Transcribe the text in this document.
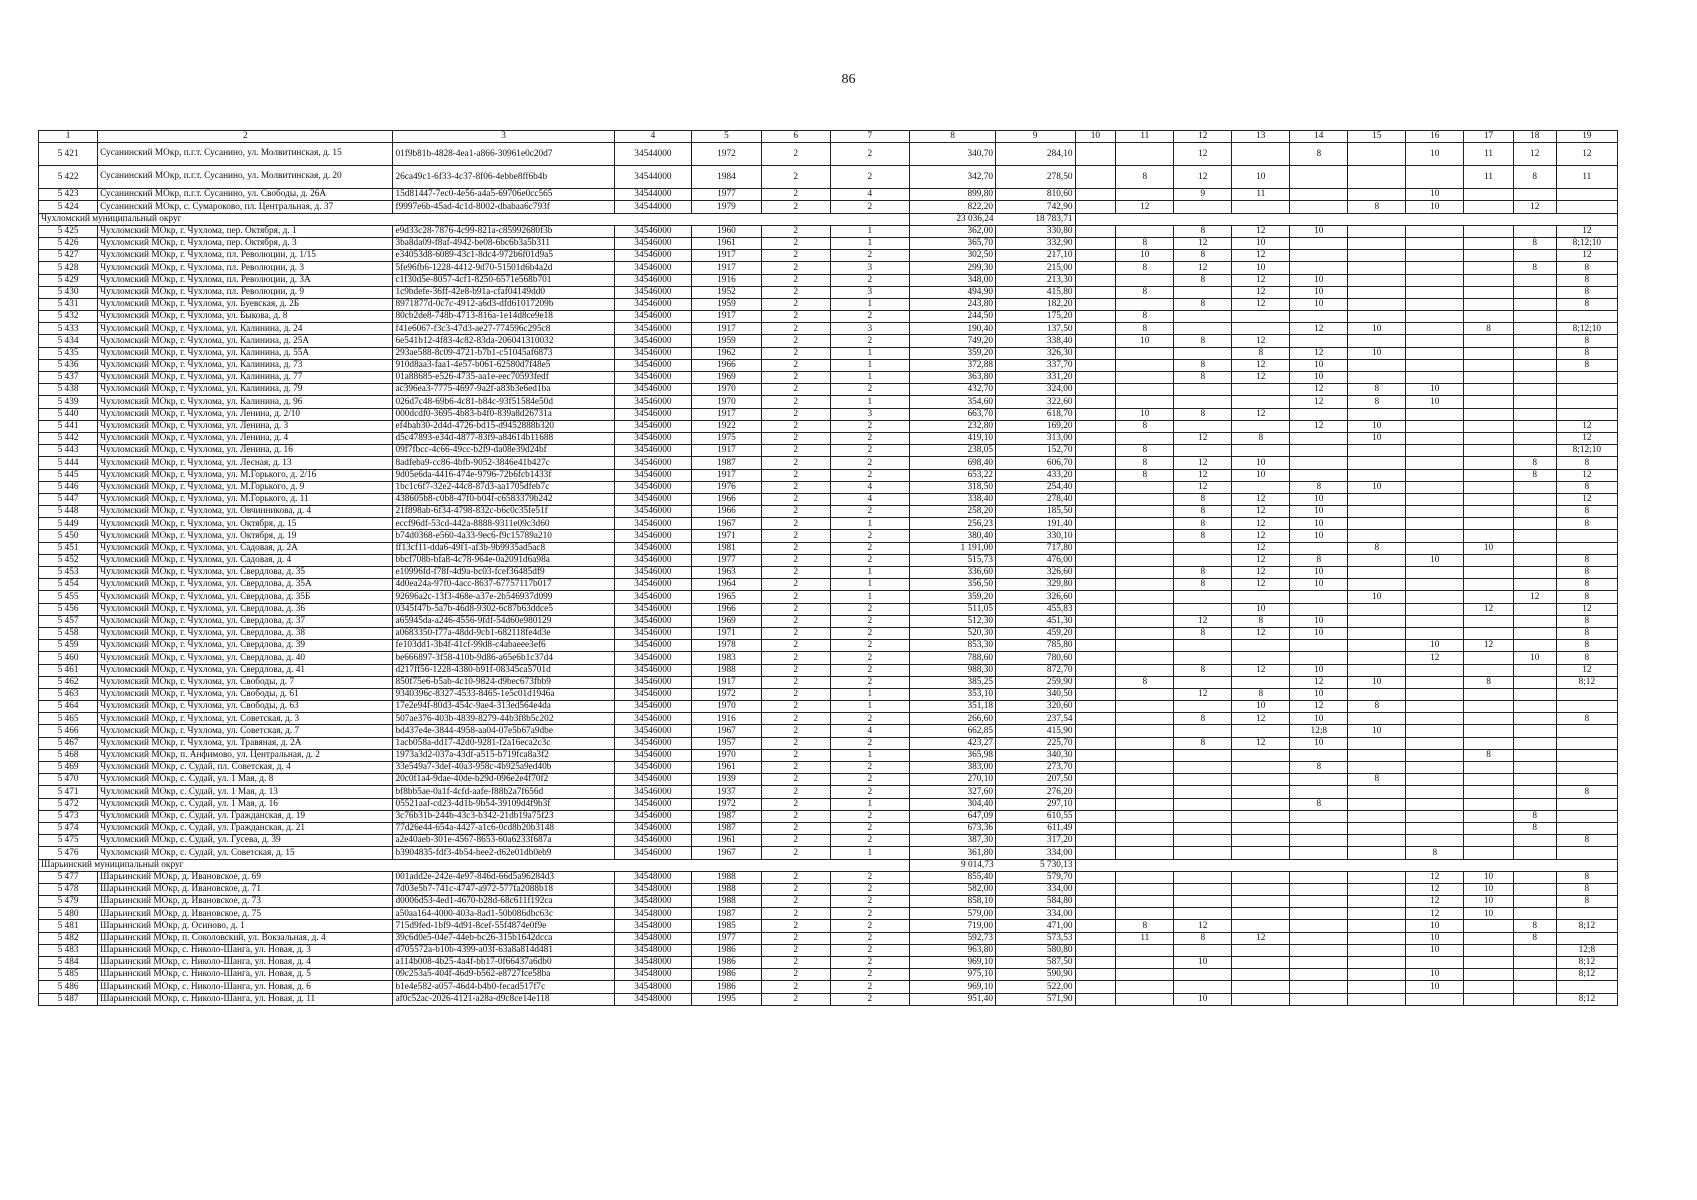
86
1	2	3	4	5	6	7	8	9	10	11	12	13	14	15	16	17	18	19
5 421	Сусанинский МОкр, п.г.т. Сусанино, ул. Молвитинская, д. 15	01f9b81b-4828-4ea1-a866-30961e0c20d7	34544000	1972	2	2	340,70	284,10			12		8		10	11	12	12
5 422	Сусанинский МОкр, п.г.т. Сусанино, ул. Молвитинская, д. 20	26ca49c1-6f33-4c37-8f06-4ebbe8ff6b4b	34544000	1984	2	2	342,70	278,50		8	12	10				11	8	11
5 423	Сусанинский МОкр, п.г.т. Сусанино, ул. Свободы, д. 26А	15d81447-7ec0-4e56-a4a5-69706e0cc565	34544000	1977	2	4	899,80	810,60			9	11			10			
5 424	Сусанинский МОкр, с. Сумароково, пл. Центральная, д. 37	f9997e6b-45ad-4c1d-8002-dbabaa6c793f	34544000	1979	2	2	822,20	742,90		12				8	10		12	
Чухломский муниципальный округ							23 036,24	18 783,71										
5 425	Чухломский МОкр, г. Чухлома, пер. Октября, д. 1	e9d33c28-7876-4c99-821a-c85992680f3b	34546000	1960	2	1	362,00	330,80			8	12	10					12
5 426	Чухломский МОкр, г. Чухлома, пер. Октября, д. 3	3ba8da09-f8af-4942-be08-6bc6b3a5b311	34546000	1961	2	1	365,70	332,90		8	12	10					8	8;12;10
5 427	Чухломский МОкр, г. Чухлома, пл. Революции, д. 1/15	e34053d8-6089-43c1-8dc4-972b6f01d9a5	34546000	1917	2	2	302,50	217,10		10	8	12						12
5 428	Чухломский МОкр, г. Чухлома, пл. Революции, д. 3	5fe96fb6-1228-4412-9d70-51501d6b4a2d	34546000	1917	2	3	299,30	215,00		8	12	10					8	8
5 429	Чухломский МОкр, г. Чухлома, пл. Революции, д. 3А	c1f30d5e-8057-4cf1-8250-6571e568b701	34546000	1916	2	2	348,00	213,30			8	12	10					8
5 430	Чухломский МОкр, г. Чухлома, пл. Революции, д. 9	1c9bdefe-36ff-42e8-b91a-cfaf04149dd0	34546000	1952	2	3	494,90	415,80		8		12	10					8
5 431	Чухломский МОкр, г. Чухлома, ул. Буевская, д. 2Б	8971877d-0c7c-4912-a6d3-dfd61017209b	34546000	1959	2	1	243,80	182,20			8	12	10					8
5 432	Чухломский МОкр, г. Чухлома, ул. Быкова, д. 8	80cb2de8-748b-4713-816a-1e14d8ce9e18	34546000	1917	2	2	244,50	175,20		8								
5 433	Чухломский МОкр, г. Чухлома, ул. Калинина, д. 24	f41e6067-f3c3-47d3-ae27-774596c295c8	34546000	1917	2	3	190,40	137,50		8			12	10		8		8;12;10
5 434	Чухломский МОкр, г. Чухлома, ул. Калинина, д. 25А	6e541b12-4f83-4c82-83da-206041310032	34546000	1959	2	2	749,20	338,40		10	8	12						8
5 435	Чухломский МОкр, г. Чухлома, ул. Калинина, д. 55А	293ae588-8c09-4721-b7b1-c51045af6873	34546000	1962	2	1	359,20	326,30				8	12	10				8
5 436	Чухломский МОкр, г. Чухлома, ул. Калинина, д. 73	910d8aa3-faa1-4e57-b061-62580d7f48e5	34546000	1966	2	1	372,88	337,70			8	12	10					8
5 437	Чухломский МОкр, г. Чухлома, ул. Калинина, д. 77	01a88685-e526-4735-aa1e-eec70593fedf	34546000	1969	2	1	363,80	331,20			8	12	10					
5 438	Чухломский МОкр, г. Чухлома, ул. Калинина, д. 79	ac396ea3-7775-4697-9a2f-a83b3e6ed1ba	34546000	1970	2	2	432,70	324,00					12	8	10			
5 439	Чухломский МОкр, г. Чухлома, ул. Калинина, д. 96	026d7c48-69b6-4c81-b84c-93f51584e50d	34546000	1970	2	1	354,60	322,60					12	8	10			
5 440	Чухломский МОкр, г. Чухлома, ул. Ленина, д. 2/10	000dcdf0-3695-4b83-b4f0-839a8d26731a	34546000	1917	2	3	663,70	618,70		10	8	12						
5 441	Чухломский МОкр, г. Чухлома, ул. Ленина, д. 3	ef4bab30-2d4d-4726-bd15-d9452888b320	34546000	1922	2	2	232,80	169,20		8			12	10				12
5 442	Чухломский МОкр, г. Чухлома, ул. Ленина, д. 4	d5c47893-e34d-4877-83f9-a84614b11688	34546000	1975	2	2	419,10	313,00			12	8		10				12
5 443	Чухломский МОкр, г. Чухлома, ул. Ленина, д. 16	09f7fbcc-4c66-49cc-b2f9-da08e39d24bf	34546000	1917	2	2	238,05	152,70		8								8;12;10
5 444	Чухломский МОкр, г. Чухлома, ул. Лесная, д. 13	8adfeba9-cc86-4bfb-9052-3846e41b427c	34546000	1987	2	2	698,40	606,70		8	12	10					8	8
5 445	Чухломский МОкр, г. Чухлома, ул. М.Горького, д. 2/16	9d05e6da-4416-474e-9796-72b6fcb1433f	34546000	1917	2	2	653,22	433,20		8	12	10					8	12
5 446	Чухломский МОкр, г. Чухлома, ул. М.Горького, д. 9	1bc1c6f7-32e2-44c8-87d3-aa1705dfeb7c	34546000	1976	2	4	318,50	254,40			12		8	10				8
5 447	Чухломский МОкр, г. Чухлома, ул. М.Горького, д. 11	438605b8-c0b8-47f0-b04f-c6583379b242	34546000	1966	2	4	338,40	278,40			8	12	10					12
5 448	Чухломский МОкр, г. Чухлома, ул. Овчинникова, д. 4	21f898ab-6f34-4798-832c-b6c0c35fe51f	34546000	1966	2	2	258,20	185,50			8	12	10					8
5 449	Чухломский МОкр, г. Чухлома, ул. Октября, д. 15	eccf96df-53cd-442a-8888-9311e09c3d60	34546000	1967	2	1	256,23	191,40			8	12	10					8
5 450	Чухломский МОкр, г. Чухлома, ул. Октября, д. 19	b74d0368-e560-4a33-9ec6-f9c15789a210	34546000	1971	2	2	380,40	330,10			8	12	10					
5 451	Чухломский МОкр, г. Чухлома, ул. Садовая, д. 2А	ff13cf11-dda6-49f1-af3b-9b9935ad5ac8	34546000	1981	2	2	1 191,00	717,80				12		8		10		
5 452	Чухломский МОкр, г. Чухлома, ул. Садовая, д. 4	bbcf708b-bfa8-4c78-964e-0a2091d6a98a	34546000	1977	2	2	515,73	476,00				12	8		10			8
5 453	Чухломский МОкр, г. Чухлома, ул. Свердлова, д. 35	e10996fd-f78f-4d9a-bc03-fcef36485df9	34546000	1963	2	1	336,60	326,60			8	12	10					8
5 454	Чухломский МОкр, г. Чухлома, ул. Свердлова, д. 35А	4d0ea24a-97f0-4acc-8637-67757117b017	34546000	1964	2	1	356,50	329,80			8	12	10					8
5 455	Чухломский МОкр, г. Чухлома, ул. Свердлова, д. 35Б	92696a2c-13f3-468e-a37e-2b546937d099	34546000	1965	2	1	359,20	326,60						10			12	8
5 456	Чухломский МОкр, г. Чухлома, ул. Свердлова, д. 36	0345f47b-5a7b-46d8-9302-6c87b63ddce5	34546000	1966	2	2	511,05	455,83				10				12		12
5 457	Чухломский МОкр, г. Чухлома, ул. Свердлова, д. 37	a65945da-a246-4556-9fdf-54d60e980129	34546000	1969	2	2	512,30	451,30			12	8	10					8
5 458	Чухломский МОкр, г. Чухлома, ул. Свердлова, д. 38	a0683350-f77a-48dd-9cb1-682118fe4d3e	34546000	1971	2	2	520,30	459,20			8	12	10					8
5 459	Чухломский МОкр, г. Чухлома, ул. Свердлова, д. 39	fe103dd1-3b4f-41cf-99d8-c4abaeee3ef6	34546000	1978	2	2	853,30	785,80							10	12		8
5 460	Чухломский МОкр, г. Чухлома, ул. Свердлова, д. 40	be666897-3f58-410b-9d86-a65e6b1c37d4	34546000	1983	2	2	788,60	780,60							12		10	8
5 461	Чухломский МОкр, г. Чухлома, ул. Свердлова, д. 41	d217ff56-1228-4380-b91f-08345ca5701d	34546000	1988	2	2	988,30	872,70			8	12	10					12
5 462	Чухломский МОкр, г. Чухлома, ул. Свободы, д. 7	850f75e6-b5ab-4c10-9824-d9bec673fbb9	34546000	1917	2	2	385,25	259,90		8			12	10		8		8;12
5 463	Чухломский МОкр, г. Чухлома, ул. Свободы, д. 61	9340396c-8327-4533-8465-1e5c01d1946a	34546000	1972	2	1	353,10	340,50			12	8	10					
5 464	Чухломский МОкр, г. Чухлома, ул. Свободы, д. 63	17e2e94f-80d3-454c-9ae4-313ed564e4da	34546000	1970	2	1	351,18	320,60				10	12	8				
5 465	Чухломский МОкр, г. Чухлома, ул. Советская, д. 3	507ae376-403b-4839-8279-44b3f8b5c202	34546000	1916	2	2	266,60	237,54			8	12	10					8
5 466	Чухломский МОкр, г. Чухлома, ул. Советская, д. 7	bd437e4e-3844-4958-aa04-07e5b67a9dbe	34546000	1967	2	4	662,85	415,90					12;8	10				
5 467	Чухломский МОкр, г. Чухлома, ул. Травяная, д. 2А	1acb058a-dd17-42d0-9281-f2a16eca2c3c	34546000	1957	2	2	423,27	225,70			8	12	10					
5 468	Чухломский МОкр, п. Анфимово, ул. Центральная, д. 2	1973a3d2-037a-43df-a515-b719fca8a3f2	34546000	1970	2	1	365,98	340,30								8		
5 469	Чухломский МОкр, с. Судай, пл. Советская, д. 4	33e549a7-3def-40a3-958c-4b925a9ed40b	34546000	1961	2	2	383,00	273,70					8					
5 470	Чухломский МОкр, с. Судай, ул. 1 Мая, д. 8	20c0f1a4-9dae-40de-b29d-096e2e4f70f2	34546000	1939	2	2	270,10	207,50						8				
5 471	Чухломский МОкр, с. Судай, ул. 1 Мая, д. 13	bf8bb5ae-0a1f-4cfd-aafe-f88b2a7f656d	34546000	1937	2	2	327,60	276,20										8
5 472	Чухломский МОкр, с. Судай, ул. 1 Мая, д. 16	05521aaf-cd23-4d1b-9b54-39109d4f9b3f	34546000	1972	2	1	304,40	297,10					8					
5 473	Чухломский МОкр, с. Судай, ул. Гражданская, д. 19	3c76b31b-244b-43c3-b342-21db19a75f23	34546000	1987	2	2	647,09	610,55									8	
5 474	Чухломский МОкр, с. Судай, ул. Гражданская, д. 21	77d26e44-654a-4427-a1c6-0cd8b20b3148	34546000	1987	2	2	673,36	611,49									8	
5 475	Чухломский МОкр, с. Судай, ул. Гусева, д. 39	a2e40aeb-301e-4567-8653-60a6233f687a	34546000	1961	2	2	387,30	317,20										8
5 476	Чухломский МОкр, с. Судай, ул. Советская, д. 15	b3904835-fdf3-4b54-bee2-d62e01db0eb9	34546000	1967	2	1	361,80	334,00							8			
Шарьинский муниципальный округ							9 014,73	5 730,13										
5 477	Шарьинский МОкр, д. Ивановское, д. 69	001add2e-242e-4e97-846d-66d5a96284d3	34548000	1988	2	2	855,40	579,70							12	10		8
5 478	Шарьинский МОкр, д. Ивановское, д. 71	7d03e5b7-741c-4747-a972-577fa2088b18	34548000	1988	2	2	582,00	334,00							12	10		8
5 479	Шарьинский МОкр, д. Ивановское, д. 73	d0006d53-4ed1-4670-b28d-68c611f192ca	34548000	1988	2	2	858,10	584,80							12	10		8
5 480	Шарьинский МОкр, д. Ивановское, д. 75	a50aa164-4000-403a-8ad1-50b086dbc63c	34548000	1987	2	2	579,00	334,00							12	10		
5 481	Шарьинский МОкр, д. Осиново, д. 1	715d9fed-1bf9-4d91-8cef-55f4874e0f9e	34548000	1985	2	2	719,00	471,00		8	12				10		8	8;12
5 482	Шарьинский МОкр, п. Соколовский, ул. Вокзальная, д. 4	39c6d0e5-04e7-44eb-bc26-315b1642dcca	34548000	1977	2	2	592,73	573,53		11	8	12			10		8	
5 483	Шарьинский МОкр, с. Николо-Шанга, ул. Новая, д. 3	d705572a-b10b-4399-a03f-63a8a814d481	34548000	1986	2	2	963,80	580,80							10			12;8
5 484	Шарьинский МОкр, с. Николо-Шанга, ул. Новая, д. 4	a114b008-4b25-4a4f-bb17-0f66437a6db0	34548000	1986	2	2	969,10	587,50			10							8;12
5 485	Шарьинский МОкр, с. Николо-Шанга, ул. Новая, д. 5	09c253a5-404f-46d9-b562-e8727fce58ba	34548000	1986	2	2	975,10	590,90							10			8;12
5 486	Шарьинский МОкр, с. Николо-Шанга, ул. Новая, д. 6	b1e4e582-a057-46d4-b4b0-fecad517f7c	34548000	1986	2	2	969,10	522,00							10			
5 487	Шарьинский МОкр, с. Николо-Шанга, ул. Новая, д. 11	af0c52ac-2026-4121-a28a-d9c8ce14e118	34548000	1995	2	2	951,40	571,90			10							8;12
